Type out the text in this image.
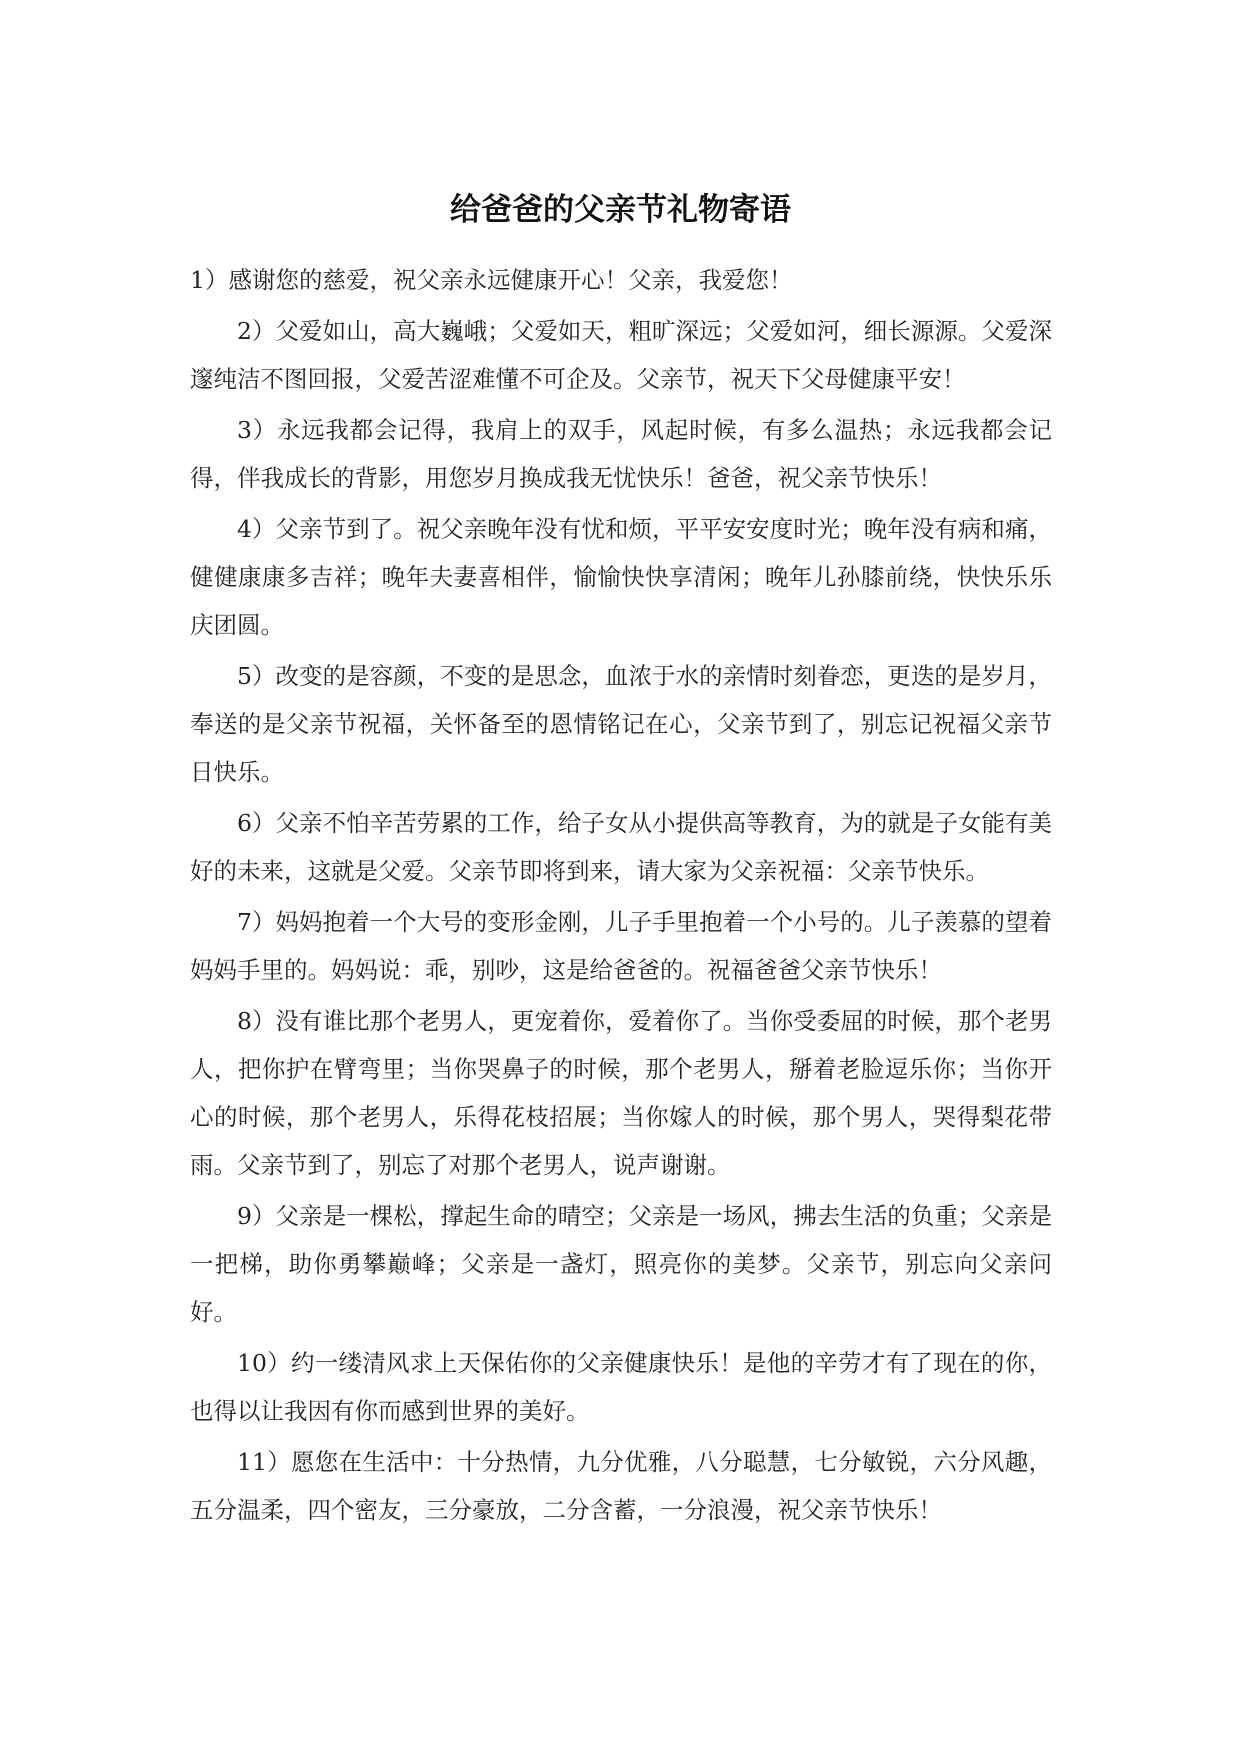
给爸爸的父亲节礼物寄语

1）感谢您的慈爱，祝父亲永远健康开心！父亲，我爱您！

2）父爱如山，高大巍峨；父爱如天，粗旷深远；父爱如河，细长源源。父爱深邃纯洁不图回报，父爱苦涩难懂不可企及。父亲节，祝天下父母健康平安！

3）永远我都会记得，我肩上的双手，风起时候，有多么温热；永远我都会记得，伴我成长的背影，用您岁月换成我无忧快乐！爸爸，祝父亲节快乐！

4）父亲节到了。祝父亲晚年没有忧和烦，平平安安度时光；晚年没有病和痛，健健康康多吉祥；晚年夫妻喜相伴，愉愉快快享清闲；晚年儿孙膝前绕，快快乐乐庆团圆。

5）改变的是容颜，不变的是思念，血浓于水的亲情时刻眷恋，更迭的是岁月，奉送的是父亲节祝福，关怀备至的恩情铭记在心，父亲节到了，别忘记祝福父亲节日快乐。

6）父亲不怕辛苦劳累的工作，给子女从小提供高等教育，为的就是子女能有美好的未来，这就是父爱。父亲节即将到来，请大家为父亲祝福：父亲节快乐。

7）妈妈抱着一个大号的变形金刚，儿子手里抱着一个小号的。儿子羡慕的望着妈妈手里的。妈妈说：乖，别吵，这是给爸爸的。祝福爸爸父亲节快乐！

8）没有谁比那个老男人，更宠着你，爱着你了。当你受委屈的时候，那个老男人，把你护在臂弯里；当你哭鼻子的时候，那个老男人，掰着老脸逗乐你；当你开心的时候，那个老男人，乐得花枝招展；当你嫁人的时候，那个男人，哭得梨花带雨。父亲节到了，别忘了对那个老男人，说声谢谢。

9）父亲是一棵松，撑起生命的晴空；父亲是一场风，拂去生活的负重；父亲是一把梯，助你勇攀巅峰；父亲是一盏灯，照亮你的美梦。父亲节，别忘向父亲问好。

10）约一缕清风求上天保佑你的父亲健康快乐！是他的辛劳才有了现在的你，也得以让我因有你而感到世界的美好。

11）愿您在生活中：十分热情，九分优雅，八分聪慧，七分敏锐，六分风趣，五分温柔，四个密友，三分豪放，二分含蓄，一分浪漫，祝父亲节快乐！
